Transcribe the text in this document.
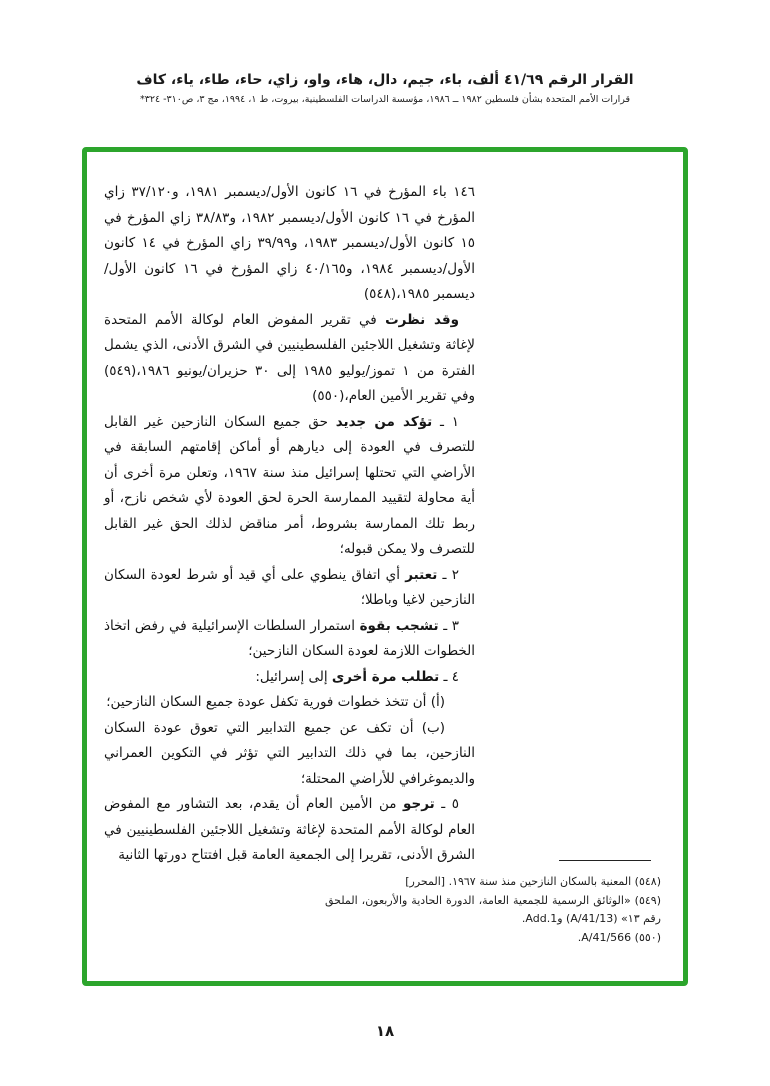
القرار الرقم ٤١/٦٩ ألف، باء، جيم، دال، هاء، واو، زاي، حاء، طاء، ياء، كاف
قرارات الأمم المتحدة بشأن فلسطين ١٩٨٢ ــ ١٩٨٦، مؤسسة الدراسات الفلسطينية، بيروت، ط ١، ١٩٩٤، مج ٣، ص٣١٠- ٣٢٤*

١٤٦ باء المؤرخ في ١٦ كانون الأول/ديسمبر ١٩٨١، و٣٧/١٢٠ زاي المؤرخ في ١٦ كانون الأول/ديسمبر ١٩٨٢، و٣٨/٨٣ زاي المؤرخ في ١٥ كانون الأول/ديسمبر ١٩٨٣، و٣٩/٩٩ زاي المؤرخ في ١٤ كانون الأول/ديسمبر ١٩٨٤، و٤٠/١٦٥ زاي المؤرخ في ١٦ كانون الأول/ديسمبر ١٩٨٥،(٥٤٨)

وقد نظرت في تقرير المفوض العام لوكالة الأمم المتحدة لإغاثة وتشغيل اللاجئين الفلسطينيين في الشرق الأدنى، الذي يشمل الفترة من ١ تموز/يوليو ١٩٨٥ إلى ٣٠ حزيران/يونيو ١٩٨٦،(٥٤٩) وفي تقرير الأمين العام،(٥٥٠)

١ ـ تؤكد من جديد حق جميع السكان النازحين غير القابل للتصرف في العودة إلى ديارهم أو أماكن إقامتهم السابقة في الأراضي التي تحتلها إسرائيل منذ سنة ١٩٦٧، وتعلن مرة أخرى أن أية محاولة لتقييد الممارسة الحرة لحق العودة لأي شخص نازح، أو ربط تلك الممارسة بشروط، أمر مناقض لذلك الحق غير القابل للتصرف ولا يمكن قبوله؛

٢ ـ تعتبر أي اتفاق ينطوي على أي قيد أو شرط لعودة السكان النازحين لاغيا وباطلا؛

٣ ـ تشجب بقوة استمرار السلطات الإسرائيلية في رفض اتخاذ الخطوات اللازمة لعودة السكان النازحين؛

٤ ـ تطلب مرة أخرى إلى إسرائيل:

(أ) أن تتخذ خطوات فورية تكفل عودة جميع السكان النازحين؛

(ب) أن تكف عن جميع التدابير التي تعوق عودة السكان النازحين، بما في ذلك التدابير التي تؤثر في التكوين العمراني والديموغرافي للأراضي المحتلة؛

٥ ـ ترجو من الأمين العام أن يقدم، بعد التشاور مع المفوض العام لوكالة الأمم المتحدة لإغاثة وتشغيل اللاجئين الفلسطينيين في الشرق الأدنى، تقريرا إلى الجمعية العامة قبل افتتاح دورتها الثانية

(٥٤٨) المعنية بالسكان النازحين منذ سنة ١٩٦٧. [المحرر]

(٥٤٩) «الوثائق الرسمية للجمعية العامة، الدورة الحادية والأربعون، الملحق رقم ١٣» (A/41/13) وAdd.1.

(٥٥٠) A/41/566.

١٨
